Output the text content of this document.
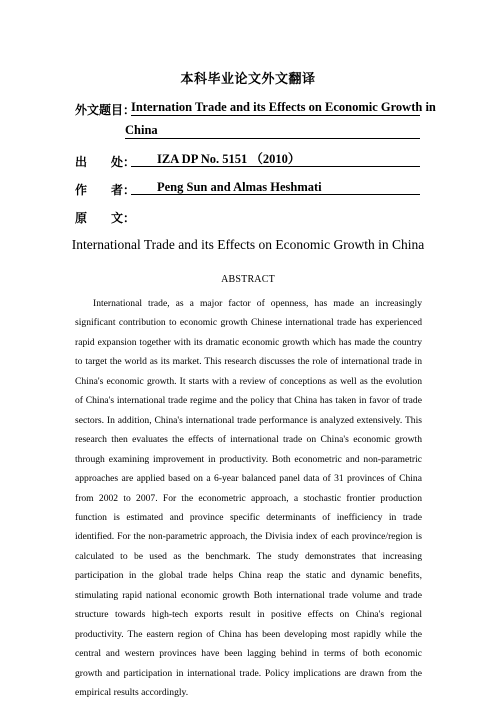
本科毕业论文外文翻译
外文题目：
Internation Trade and its Effects on Economic Growth in
China
出　　处：	IZA DP No. 5151 （2010）
作　　者：	Peng Sun and Almas Heshmati
原　　文：
International Trade and its Effects on Economic Growth in China
ABSTRACT
International trade, as a major factor of openness, has made an increasingly significant contribution to economic growth Chinese international trade has experienced rapid expansion together with its dramatic economic growth which has made the country to target the world as its market. This research discusses the role of international trade in China's economic growth. It starts with a review of conceptions as well as the evolution of China's international trade regime and the policy that China has taken in favor of trade sectors. In addition, China's international trade performance is analyzed extensively. This research then evaluates the effects of international trade on China's economic growth through examining improvement in productivity. Both econometric and non-parametric approaches are applied based on a 6-year balanced panel data of 31 provinces of China from 2002 to 2007. For the econometric approach, a stochastic frontier production function is estimated and province specific determinants of inefficiency in trade identified. For the non-parametric approach, the Divisia index of each province/region is calculated to be used as the benchmark. The study demonstrates that increasing participation in the global trade helps China reap the static and dynamic benefits, stimulating rapid national economic growth Both international trade volume and trade structure towards high-tech exports result in positive effects on China's regional productivity. The eastern region of China has been developing most rapidly while the central and western provinces have been lagging behind in terms of both economic growth and participation in international trade. Policy implications are drawn from the empirical results accordingly.
